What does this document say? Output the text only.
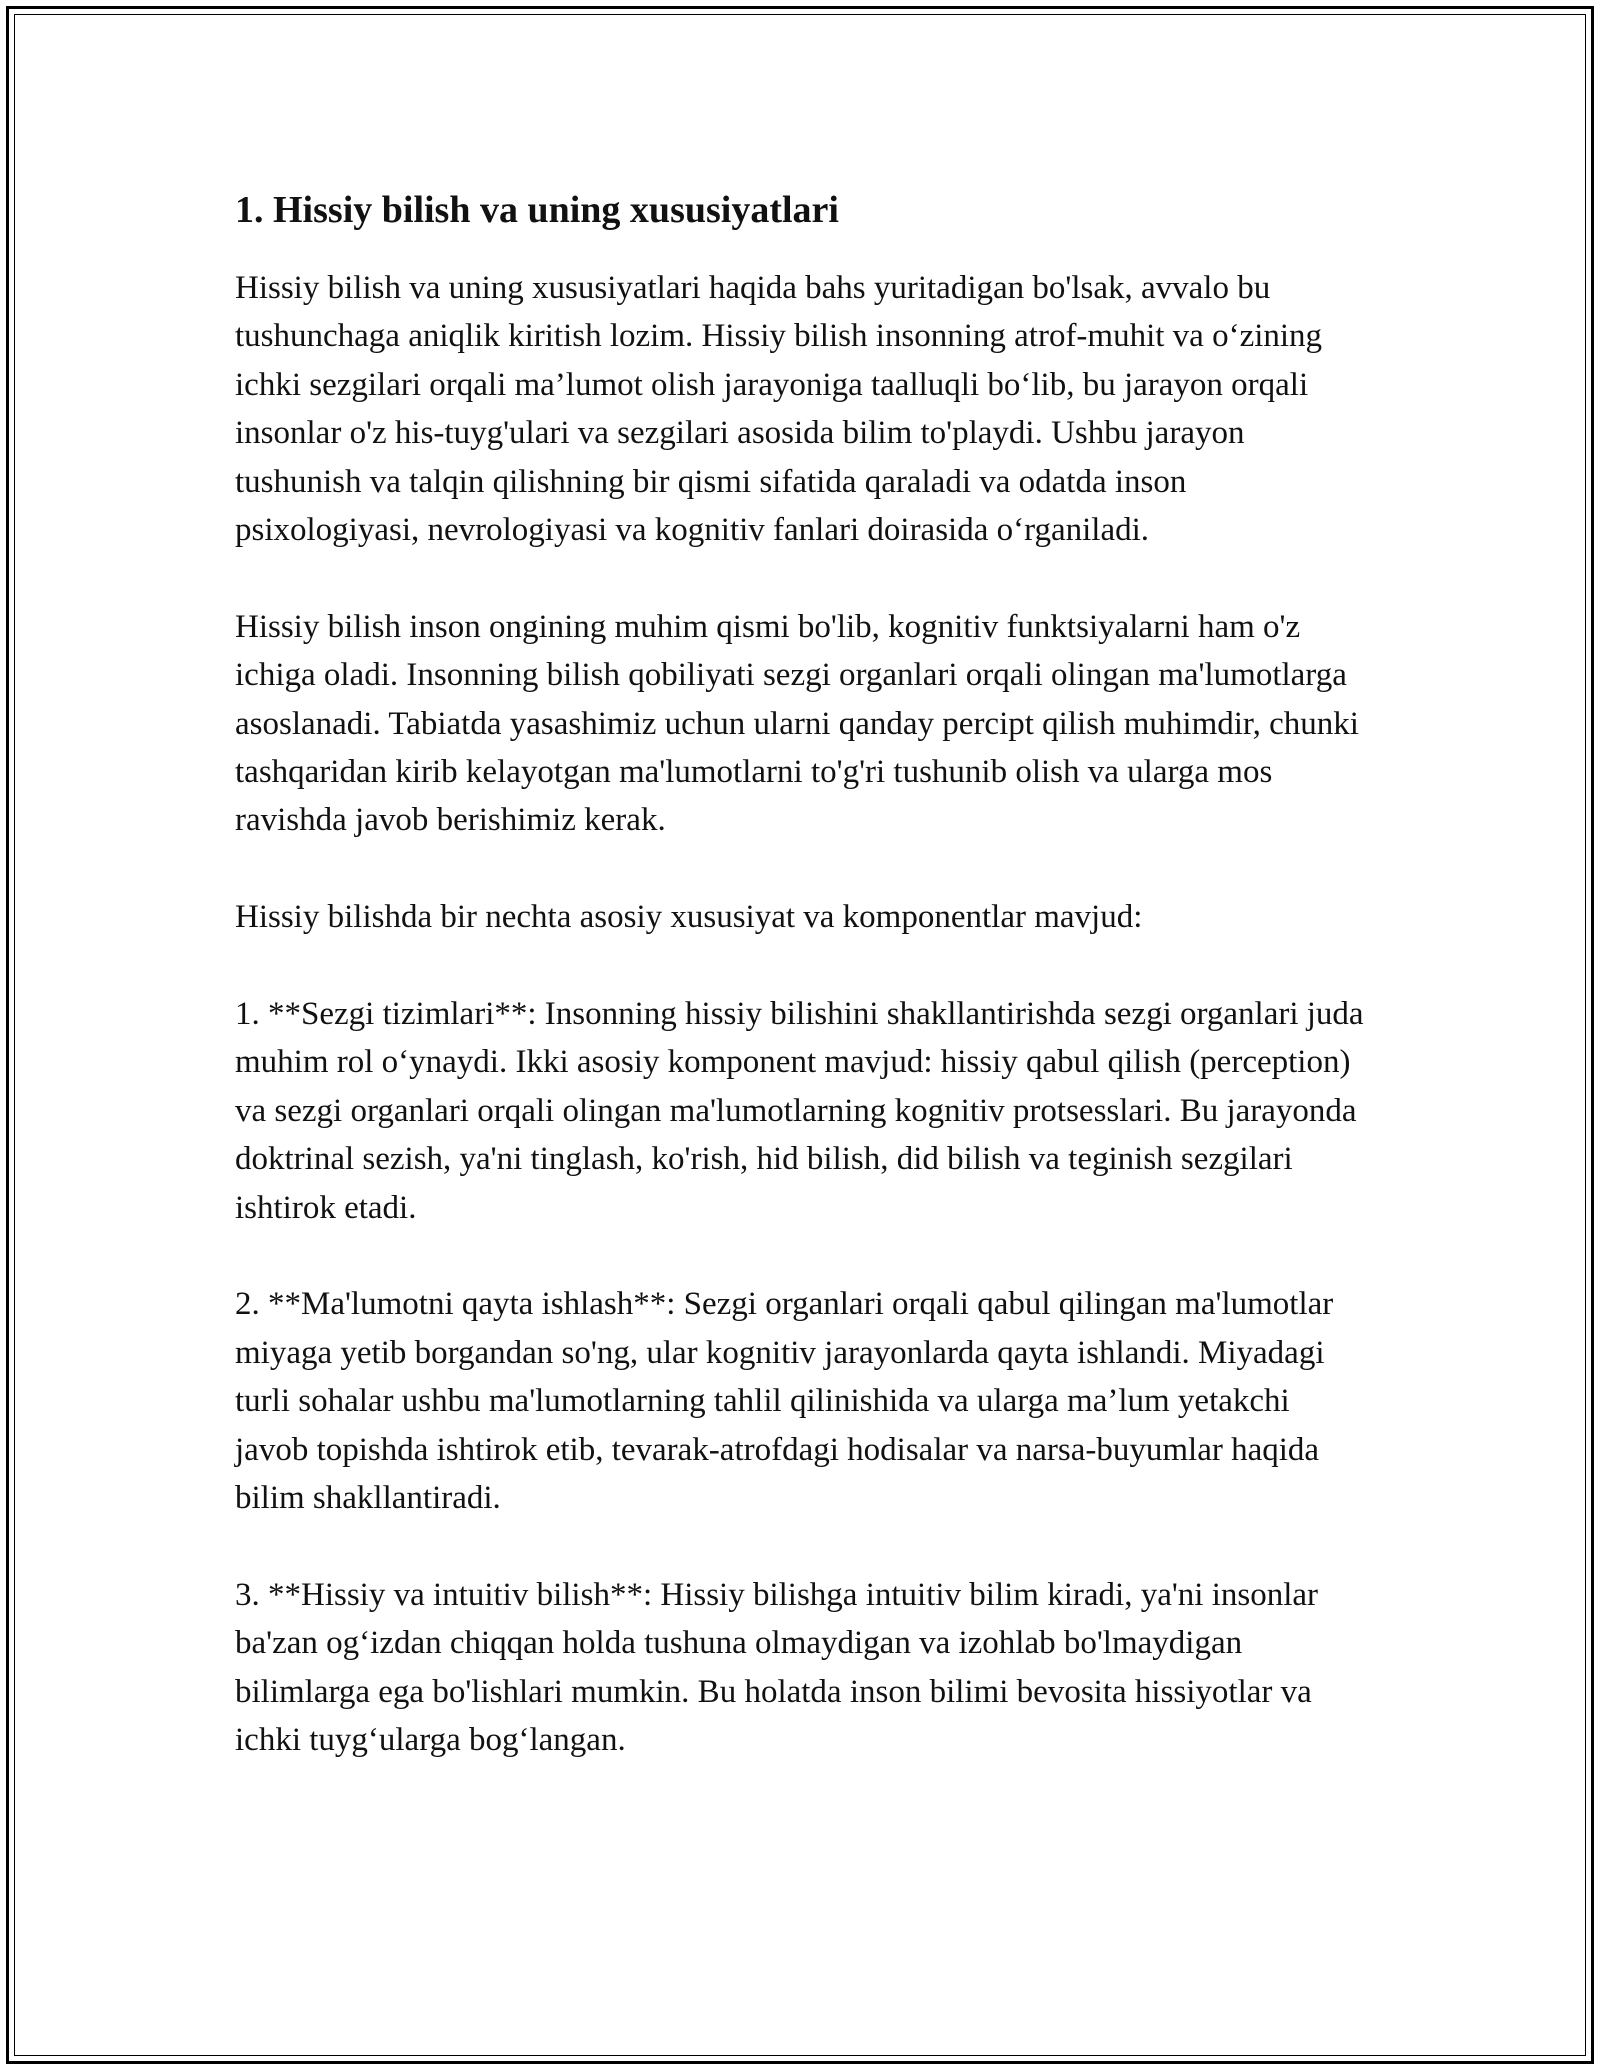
1. Hissiy bilish va uning xususiyatlari

Hissiy bilish va uning xususiyatlari haqida bahs yuritadigan bo'lsak, avvalo bu tushunchaga aniqlik kiritish lozim. Hissiy bilish insonning atrof-muhit va o‘zining ichki sezgilari orqali ma’lumot olish jarayoniga taalluqli bo‘lib, bu jarayon orqali insonlar o'z his-tuyg'ulari va sezgilari asosida bilim to'playdi. Ushbu jarayon tushunish va talqin qilishning bir qismi sifatida qaraladi va odatda inson psixologiyasi, nevrologiyasi va kognitiv fanlari doirasida o‘rganiladi.

Hissiy bilish inson ongining muhim qismi bo'lib, kognitiv funktsiyalarni ham o'z ichiga oladi. Insonning bilish qobiliyati sezgi organlari orqali olingan ma'lumotlarga asoslanadi. Tabiatda yasashimiz uchun ularni qanday percipt qilish muhimdir, chunki tashqaridan kirib kelayotgan ma'lumotlarni to'g'ri tushunib olish va ularga mos ravishda javob berishimiz kerak.

Hissiy bilishda bir nechta asosiy xususiyat va komponentlar mavjud:

1. **Sezgi tizimlari**: Insonning hissiy bilishini shakllantirishda sezgi organlari juda muhim rol o‘ynaydi. Ikki asosiy komponent mavjud: hissiy qabul qilish (perception) va sezgi organlari orqali olingan ma'lumotlarning kognitiv protsesslari. Bu jarayonda doktrinal sezish, ya'ni tinglash, ko'rish, hid bilish, did bilish va teginish sezgilari ishtirok etadi.

2. **Ma'lumotni qayta ishlash**: Sezgi organlari orqali qabul qilingan ma'lumotlar miyaga yetib borgandan so'ng, ular kognitiv jarayonlarda qayta ishlandi. Miyadagi turli sohalar ushbu ma'lumotlarning tahlil qilinishida va ularga ma’lum yetakchi javob topishda ishtirok etib, tevarak-atrofdagi hodisalar va narsa-buyumlar haqida bilim shakllantiradi.

3. **Hissiy va intuitiv bilish**: Hissiy bilishga intuitiv bilim kiradi, ya'ni insonlar ba'zan og‘izdan chiqqan holda tushuna olmaydigan va izohlab bo'lmaydigan bilimlarga ega bo'lishlari mumkin. Bu holatda inson bilimi bevosita hissiyotlar va ichki tuyg‘ularga bog‘langan.
